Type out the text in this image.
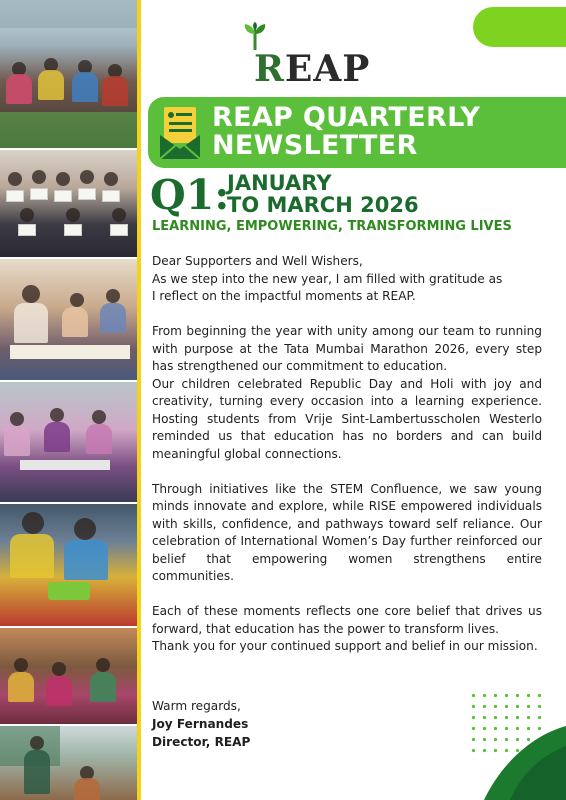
REAP
REAP QUARTERLY
NEWSLETTER
Q1:
JANUARY
TO MARCH 2026
LEARNING, EMPOWERING, TRANSFORMING LIVES

Dear Supporters and Well Wishers,

As we step into the new year, I am filled with gratitude as

I reflect on the impactful moments at REAP.

From beginning the year with unity among our team to running with purpose at the Tata Mumbai Marathon 2026, every step has strengthened our commitment to education.

Our children celebrated Republic Day and Holi with joy and creativity, turning every occasion into a learning experience. Hosting students from Vrije Sint-Lambertusscholen Westerlo reminded us that education has no borders and can build meaningful global connections.

Through initiatives like the STEM Confluence, we saw young minds innovate and explore, while RISE empowered individuals with skills, confidence, and pathways toward self reliance. Our celebration of International Women’s Day further reinforced our belief that empowering women strengthens entire communities.

Each of these moments reflects one core belief that drives us forward, that education has the power to transform lives.

Thank you for your continued support and belief in our mission.

Warm regards,
Joy Fernandes
Director, REAP
